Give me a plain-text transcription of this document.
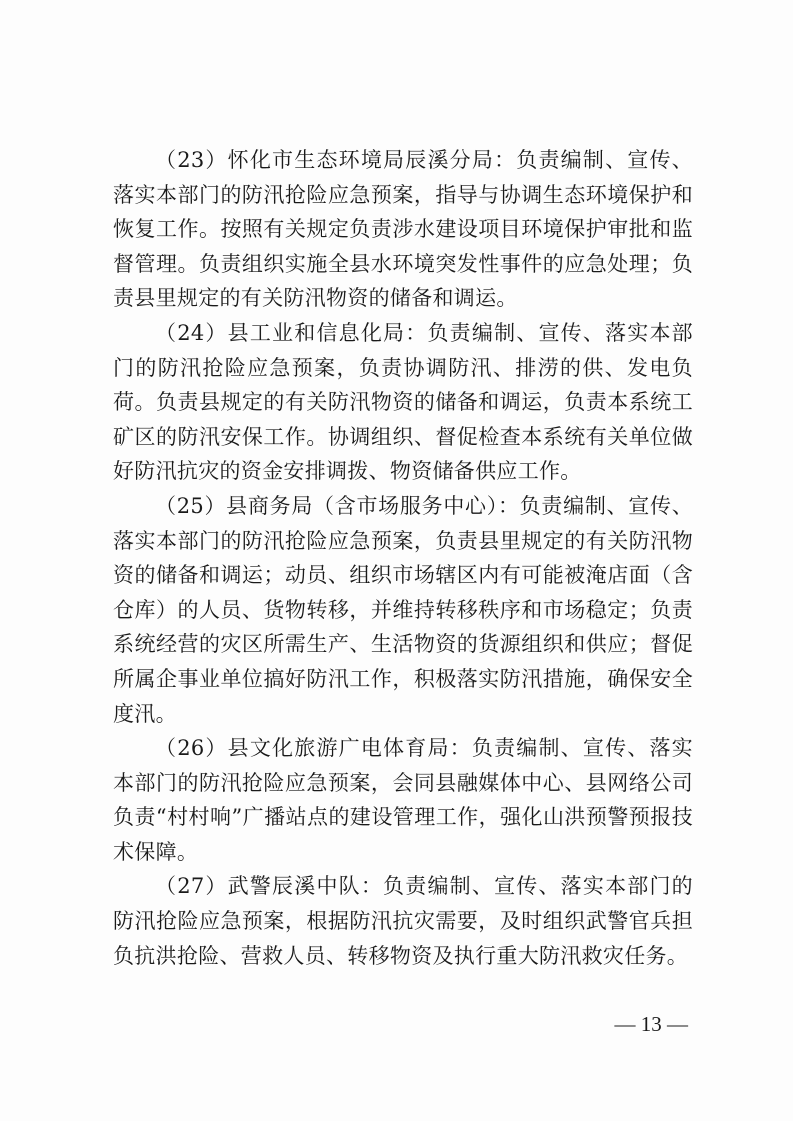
（23）怀化市生态环境局辰溪分局：负责编制、宣传、落实本部门的防汛抢险应急预案，指导与协调生态环境保护和恢复工作。按照有关规定负责涉水建设项目环境保护审批和监督管理。负责组织实施全县水环境突发性事件的应急处理；负责县里规定的有关防汛物资的储备和调运。

（24）县工业和信息化局：负责编制、宣传、落实本部门的防汛抢险应急预案，负责协调防汛、排涝的供、发电负荷。负责县规定的有关防汛物资的储备和调运，负责本系统工矿区的防汛安保工作。协调组织、督促检查本系统有关单位做好防汛抗灾的资金安排调拨、物资储备供应工作。

（25）县商务局（含市场服务中心）：负责编制、宣传、落实本部门的防汛抢险应急预案，负责县里规定的有关防汛物资的储备和调运；动员、组织市场辖区内有可能被淹店面（含仓库）的人员、货物转移，并维持转移秩序和市场稳定；负责系统经营的灾区所需生产、生活物资的货源组织和供应；督促所属企事业单位搞好防汛工作，积极落实防汛措施，确保安全度汛。

（26）县文化旅游广电体育局：负责编制、宣传、落实本部门的防汛抢险应急预案，会同县融媒体中心、县网络公司负责“村村响”广播站点的建设管理工作，强化山洪预警预报技术保障。

（27）武警辰溪中队：负责编制、宣传、落实本部门的防汛抢险应急预案，根据防汛抗灾需要，及时组织武警官兵担负抗洪抢险、营救人员、转移物资及执行重大防汛救灾任务。

— 13 —
